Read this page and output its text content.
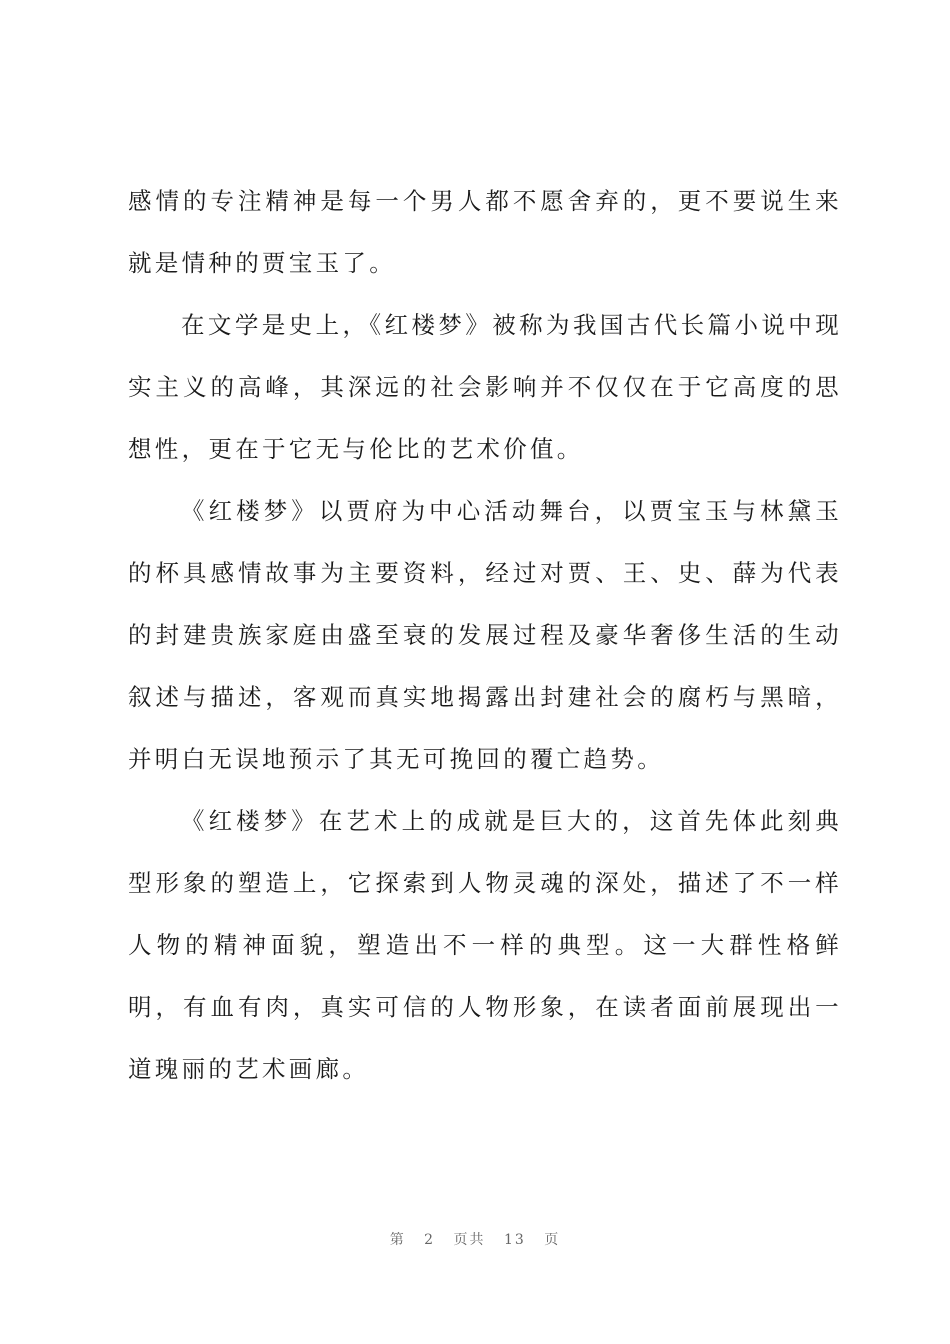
感情的专注精神是每一个男人都不愿舍弃的，更不要说生来就是情种的贾宝玉了。

在文学是史上，《红楼梦》被称为我国古代长篇小说中现实主义的高峰，其深远的社会影响并不仅仅在于它高度的思想性，更在于它无与伦比的艺术价值。

《红楼梦》以贾府为中心活动舞台，以贾宝玉与林黛玉的杯具感情故事为主要资料，经过对贾、王、史、薛为代表的封建贵族家庭由盛至衰的发展过程及豪华奢侈生活的生动叙述与描述，客观而真实地揭露出封建社会的腐朽与黑暗，并明白无误地预示了其无可挽回的覆亡趋势。

《红楼梦》在艺术上的成就是巨大的，这首先体此刻典型形象的塑造上，它探索到人物灵魂的深处，描述了不一样人物的精神面貌，塑造出不一样的典型。这一大群性格鲜明，有血有肉，真实可信的人物形象，在读者面前展现出一道瑰丽的艺术画廊。

第 2 页共 13 页
